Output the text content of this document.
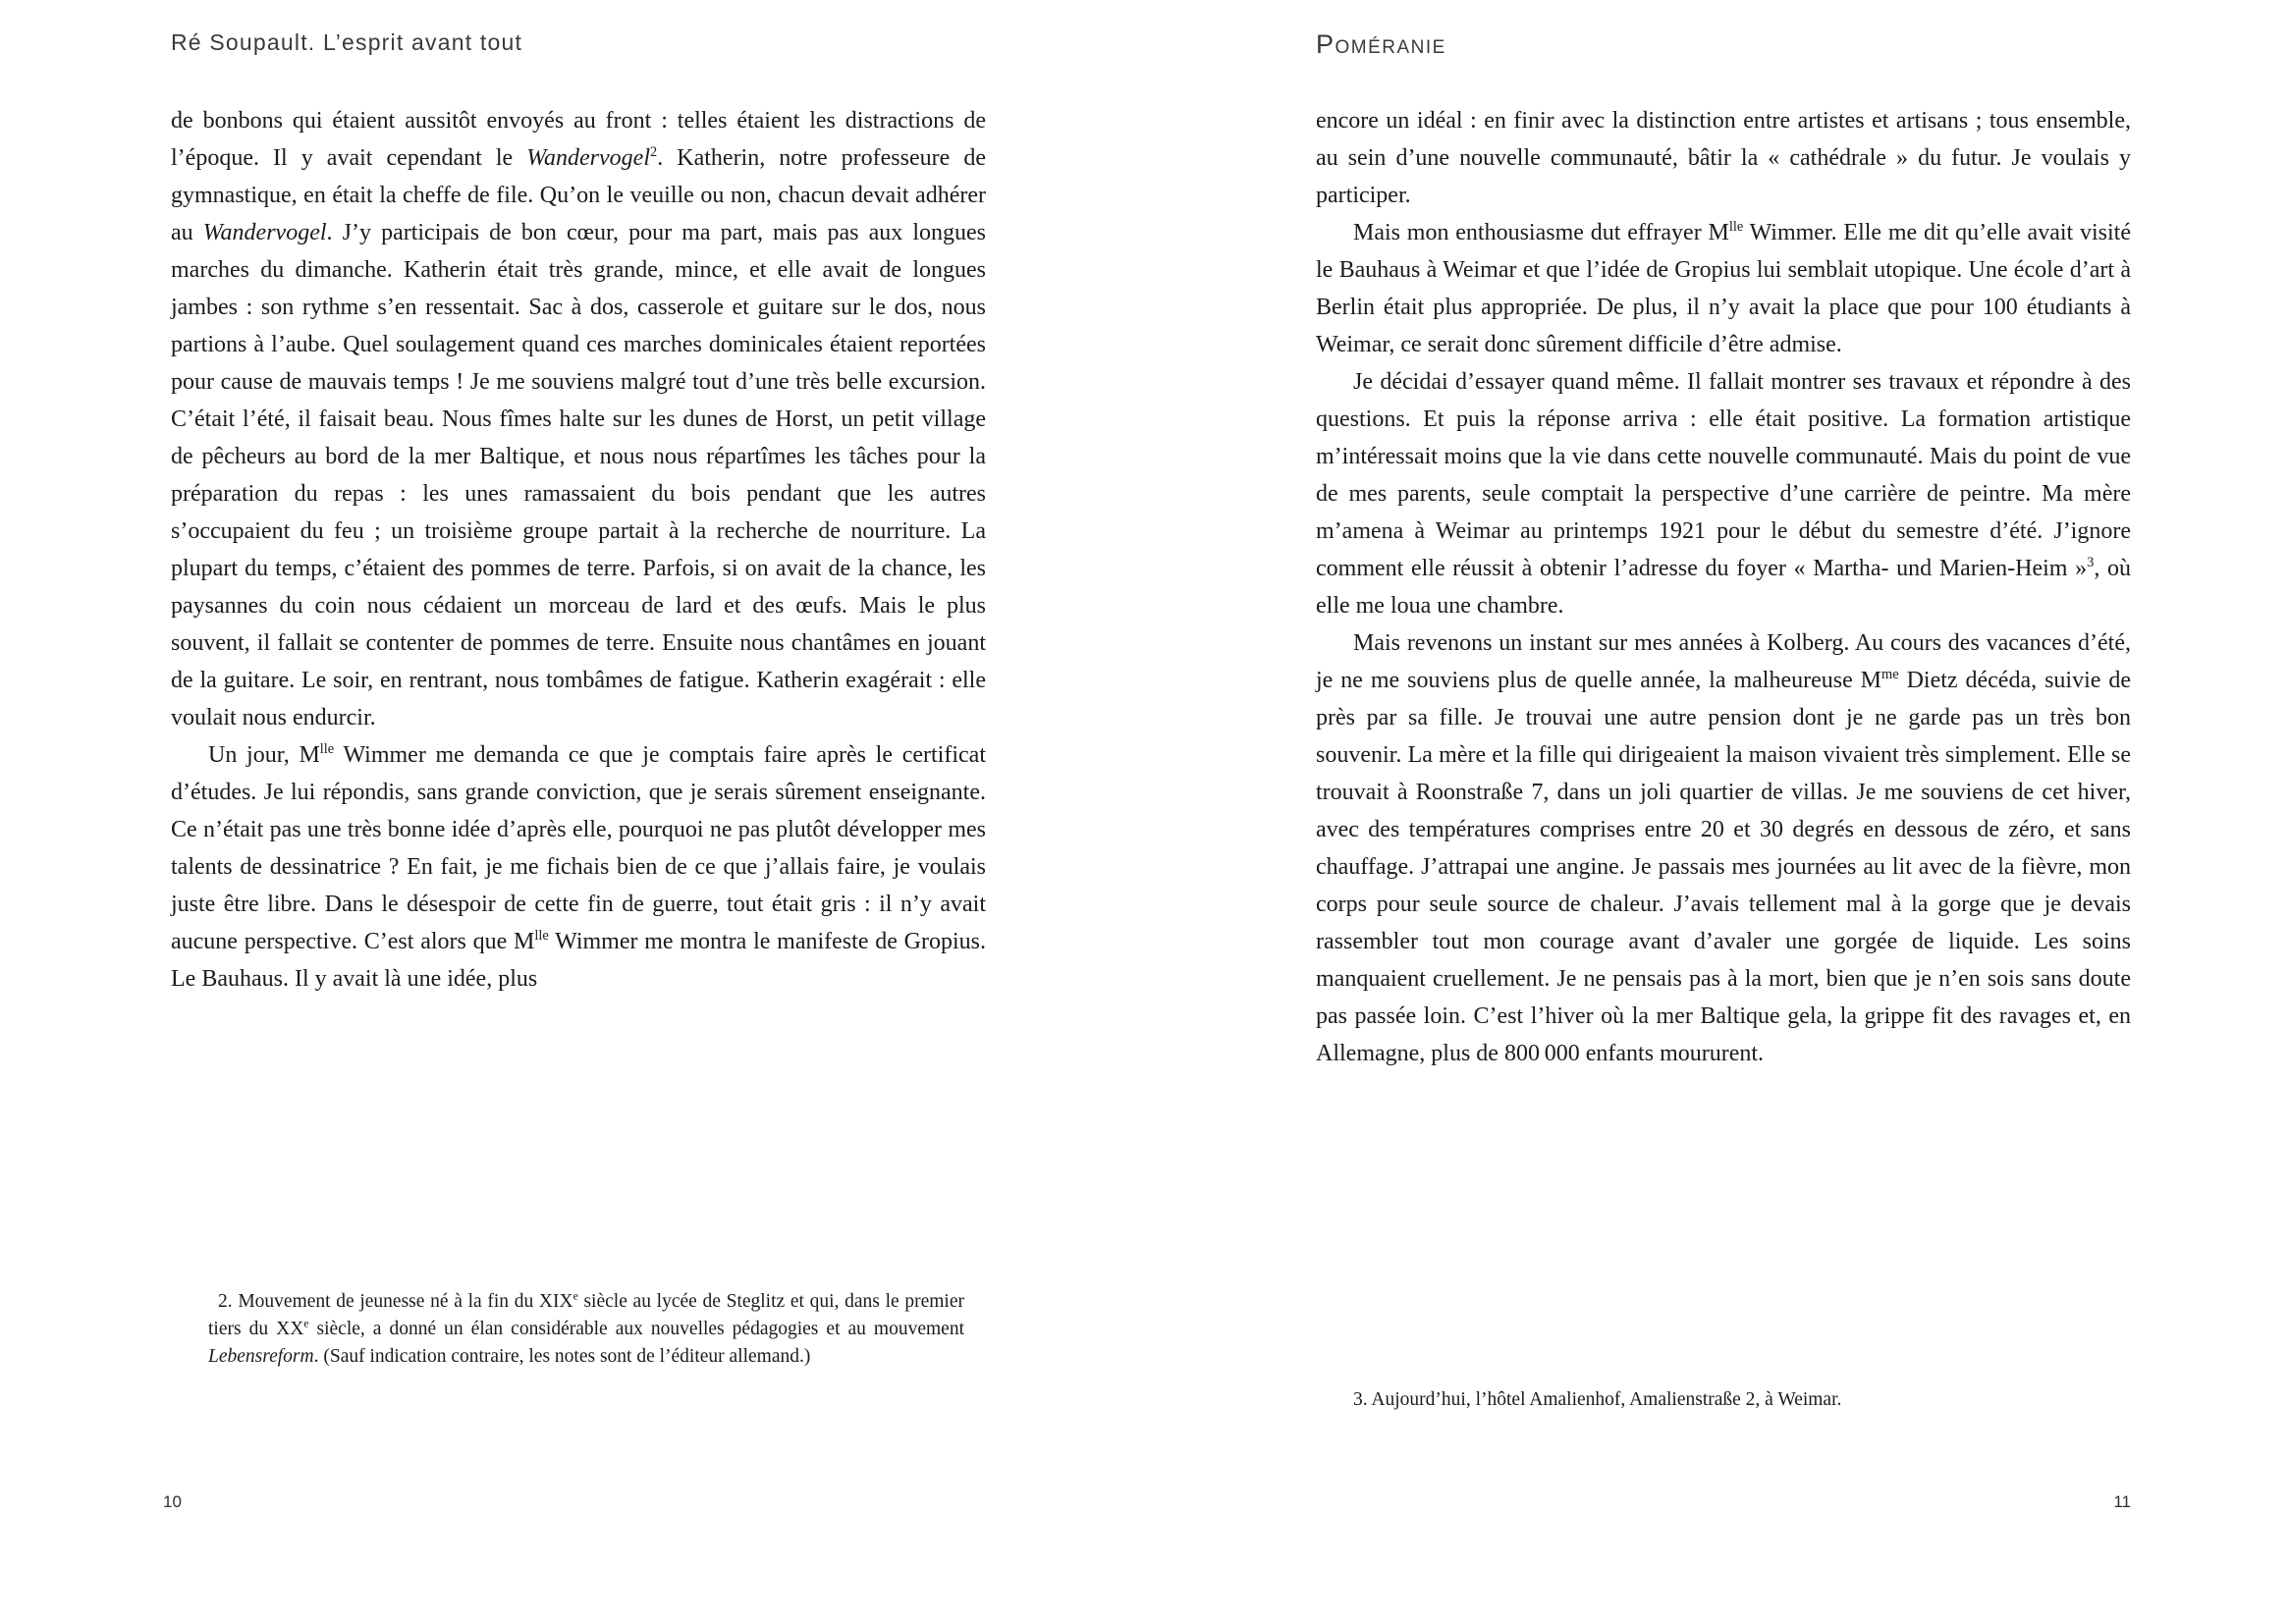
Ré Soupault. L’esprit avant tout

de bonbons qui étaient aussitôt envoyés au front : telles étaient les distractions de l’époque. Il y avait cependant le Wandervogel$^2$. Katherin, notre professeure de gymnastique, en était la cheffe de file. Qu’on le veuille ou non, chacun devait adhérer au Wandervogel. J’y participais de bon cœur, pour ma part, mais pas aux longues marches du dimanche. Katherin était très grande, mince, et elle avait de longues jambes : son rythme s’en ressentait. Sac à dos, casserole et guitare sur le dos, nous partions à l’aube. Quel soulagement quand ces marches dominicales étaient reportées pour cause de mauvais temps ! Je me souviens malgré tout d’une très belle excursion. C’était l’été, il faisait beau. Nous fîmes halte sur les dunes de Horst, un petit village de pêcheurs au bord de la mer Baltique, et nous nous répartîmes les tâches pour la préparation du repas : les unes ramassaient du bois pendant que les autres s’occupaient du feu ; un troisième groupe partait à la recherche de nourriture. La plupart du temps, c’étaient des pommes de terre. Parfois, si on avait de la chance, les paysannes du coin nous cédaient un morceau de lard et des œufs. Mais le plus souvent, il fallait se contenter de pommes de terre. Ensuite nous chantâmes en jouant de la guitare. Le soir, en rentrant, nous tombâmes de fatigue. Katherin exagérait : elle voulait nous endurcir.

Un jour, $M^{lle}$ Wimmer me demanda ce que je comptais faire après le certificat d’études. Je lui répondis, sans grande conviction, que je serais sûrement enseignante. Ce n’était pas une très bonne idée d’après elle, pourquoi ne pas plutôt développer mes talents de dessinatrice ? En fait, je me fichais bien de ce que j’allais faire, je voulais juste être libre. Dans le désespoir de cette fin de guerre, tout était gris : il n’y avait aucune perspective. C’est alors que $M^{lle}$ Wimmer me montra le manifeste de Gropius. Le Bauhaus. Il y avait là une idée, plus

2. Mouvement de jeunesse né à la fin du XIXe siècle au lycée de Steglitz et qui, dans le premier tiers du XXe siècle, a donné un élan considérable aux nouvelles pédagogies et au mouvement Lebensreform. (Sauf indication contraire, les notes sont de l’éditeur allemand.)
10
Poméranie

encore un idéal : en finir avec la distinction entre artistes et artisans ; tous ensemble, au sein d’une nouvelle communauté, bâtir la « cathédrale » du futur. Je voulais y participer.

Mais mon enthousiasme dut effrayer $M^{lle}$ Wimmer. Elle me dit qu’elle avait visité le Bauhaus à Weimar et que l’idée de Gropius lui semblait utopique. Une école d’art à Berlin était plus appropriée. De plus, il n’y avait la place que pour 100 étudiants à Weimar, ce serait donc sûrement difficile d’être admise.

Je décidai d’essayer quand même. Il fallait montrer ses travaux et répondre à des questions. Et puis la réponse arriva : elle était positive. La formation artistique m’intéressait moins que la vie dans cette nouvelle communauté. Mais du point de vue de mes parents, seule comptait la perspective d’une carrière de peintre. Ma mère m’amena à Weimar au printemps 1921 pour le début du semestre d’été. J’ignore comment elle réussit à obtenir l’adresse du foyer « Martha- und Marien-Heim »$^3$, où elle me loua une chambre.

Mais revenons un instant sur mes années à Kolberg. Au cours des vacances d’été, je ne me souviens plus de quelle année, la malheureuse $M^{me}$ Dietz décéda, suivie de près par sa fille. Je trouvai une autre pension dont je ne garde pas un très bon souvenir. La mère et la fille qui dirigeaient la maison vivaient très simplement. Elle se trouvait à Roonstraße 7, dans un joli quartier de villas. Je me souviens de cet hiver, avec des températures comprises entre 20 et 30 degrés en dessous de zéro, et sans chauffage. J’attrapai une angine. Je passais mes journées au lit avec de la fièvre, mon corps pour seule source de chaleur. J’avais tellement mal à la gorge que je devais rassembler tout mon courage avant d’avaler une gorgée de liquide. Les soins manquaient cruellement. Je ne pensais pas à la mort, bien que je n’en sois sans doute pas passée loin. C’est l’hiver où la mer Baltique gela, la grippe fit des ravages et, en Allemagne, plus de 800 000 enfants moururent.

3. Aujourd’hui, l’hôtel Amalienhof, Amalienstraße 2, à Weimar.
11
